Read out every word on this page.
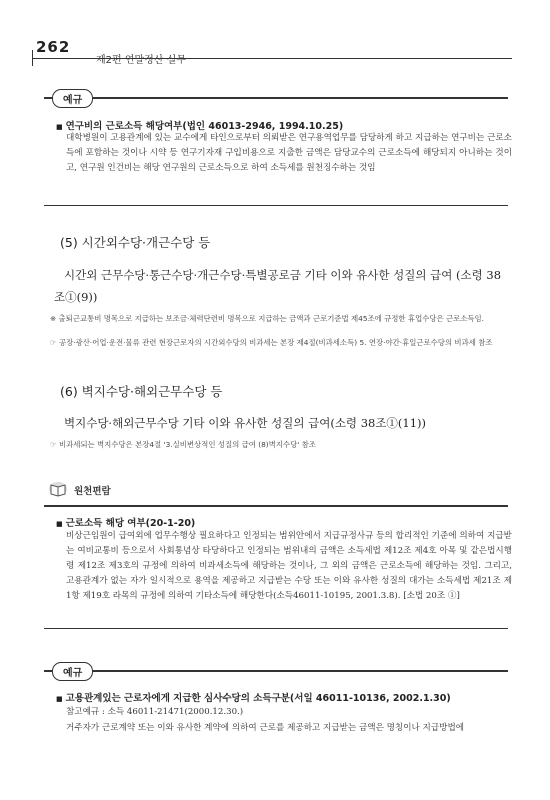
262
제2편 연말정산 실무
예규
■ 연구비의 근로소득 해당여부(법인 46013-2946, 1994.10.25)
대학병원이 고용관계에 있는 교수에게 타인으로부터 의뢰받은 연구용역업무를 담당하게 하고 지급하는 연구비는 근로소득에 포함하는 것이나 시약 등 연구기자재 구입비용으로 지출한 금액은 담당교수의 근로소득에 해당되지 아니하는 것이고, 연구원 인건비는 해당 연구원의 근로소득으로 하여 소득세를 원천징수하는 것임
(5) 시간외수당·개근수당 등
시간외 근무수당·통근수당·개근수당·특별공로금 기타 이와 유사한 성질의 급여 (소령 38조①(9))
※ 출퇴근교통비 명목으로 지급하는 보조금·체력단련비 명목으로 지급하는 금액과 근로기준법 제45조에 규정한 휴업수당은 근로소득임.
☞ 공장·광산·어업·운전·물류 관련 현장근로자의 시간외수당의 비과세는 본장 제4절(비과세소득) 5. 연장·야간·휴일근로수당의 비과세 참조
(6) 벽지수당·해외근무수당 등
벽지수당·해외근무수당 기타 이와 유사한 성질의 급여(소령 38조①(11))
☞ 비과세되는 벽지수당은 본장4절 '3.실비변상적인 성질의 급여 (8)벽지수당' 참조
원천편람
■ 근로소득 해당 여부(20-1-20)
비상근임원이 급여외에 업무수행상 필요하다고 인정되는 범위안에서 지급규정사규 등의 합리적인 기준에 의하여 지급받는 여비교통비 등으로서 사회통념상 타당하다고 인정되는 범위내의 금액은 소득세법 제12조 제4호 아목 및 같은법시행령 제12조 제3호의 규정에 의하여 비과세소득에 해당하는 것이나, 그 외의 금액은 근로소득에 해당하는 것임. 그리고, 고용관계가 없는 자가 일시적으로 용역을 제공하고 지급받는 수당 또는 이와 유사한 성질의 대가는 소득세법 제21조 제1항 제19호 라목의 규정에 의하여 기타소득에 해당한다(소득46011-10195, 2001.3.8). [소법 20조 ①]
예규
■ 고용관계있는 근로자에게 지급한 심사수당의 소득구분(서일 46011-10136, 2002.1.30)
참고예규 : 소득 46011-21471(2000.12.30.)
거주자가 근로계약 또는 이와 유사한 계약에 의하여 근로를 제공하고 지급받는 금액은 명칭이나 지급방법에
